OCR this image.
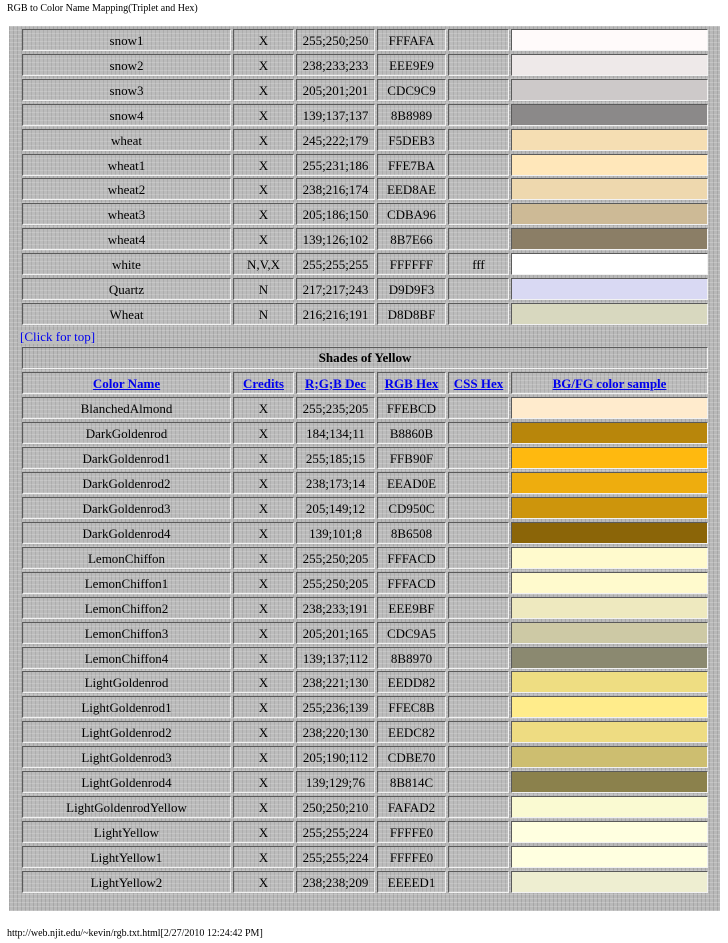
RGB to Color Name Mapping(Triplet and Hex)
snow1	X	255;250;250	FFFAFA
snow2	X	238;233;233	EEE9E9
snow3	X	205;201;201	CDC9C9
snow4	X	139;137;137	8B8989
wheat	X	245;222;179	F5DEB3
wheat1	X	255;231;186	FFE7BA
wheat2	X	238;216;174	EED8AE
wheat3	X	205;186;150	CDBA96
wheat4	X	139;126;102	8B7E66
white	N,V,X	255;255;255	FFFFFF	fff
Quartz	N	217;217;243	D9D9F3
Wheat	N	216;216;191	D8D8BF
Shades of Yellow
Color Name	Credits	R;G;B Dec	RGB Hex	CSS Hex	BG/FG color sample
BlanchedAlmond	X	255;235;205	FFEBCD
DarkGoldenrod	X	184;134;11	B8860B
DarkGoldenrod1	X	255;185;15	FFB90F
DarkGoldenrod2	X	238;173;14	EEAD0E
DarkGoldenrod3	X	205;149;12	CD950C
DarkGoldenrod4	X	139;101;8	8B6508
LemonChiffon	X	255;250;205	FFFACD
LemonChiffon1	X	255;250;205	FFFACD
LemonChiffon2	X	238;233;191	EEE9BF
LemonChiffon3	X	205;201;165	CDC9A5
LemonChiffon4	X	139;137;112	8B8970
LightGoldenrod	X	238;221;130	EEDD82
LightGoldenrod1	X	255;236;139	FFEC8B
LightGoldenrod2	X	238;220;130	EEDC82
LightGoldenrod3	X	205;190;112	CDBE70
LightGoldenrod4	X	139;129;76	8B814C
LightGoldenrodYellow	X	250;250;210	FAFAD2
LightYellow	X	255;255;224	FFFFE0
LightYellow1	X	255;255;224	FFFFE0
LightYellow2	X	238;238;209	EEEED1
[Click for top]
http://web.njit.edu/~kevin/rgb.txt.html[2/27/2010 12:24:42 PM]
